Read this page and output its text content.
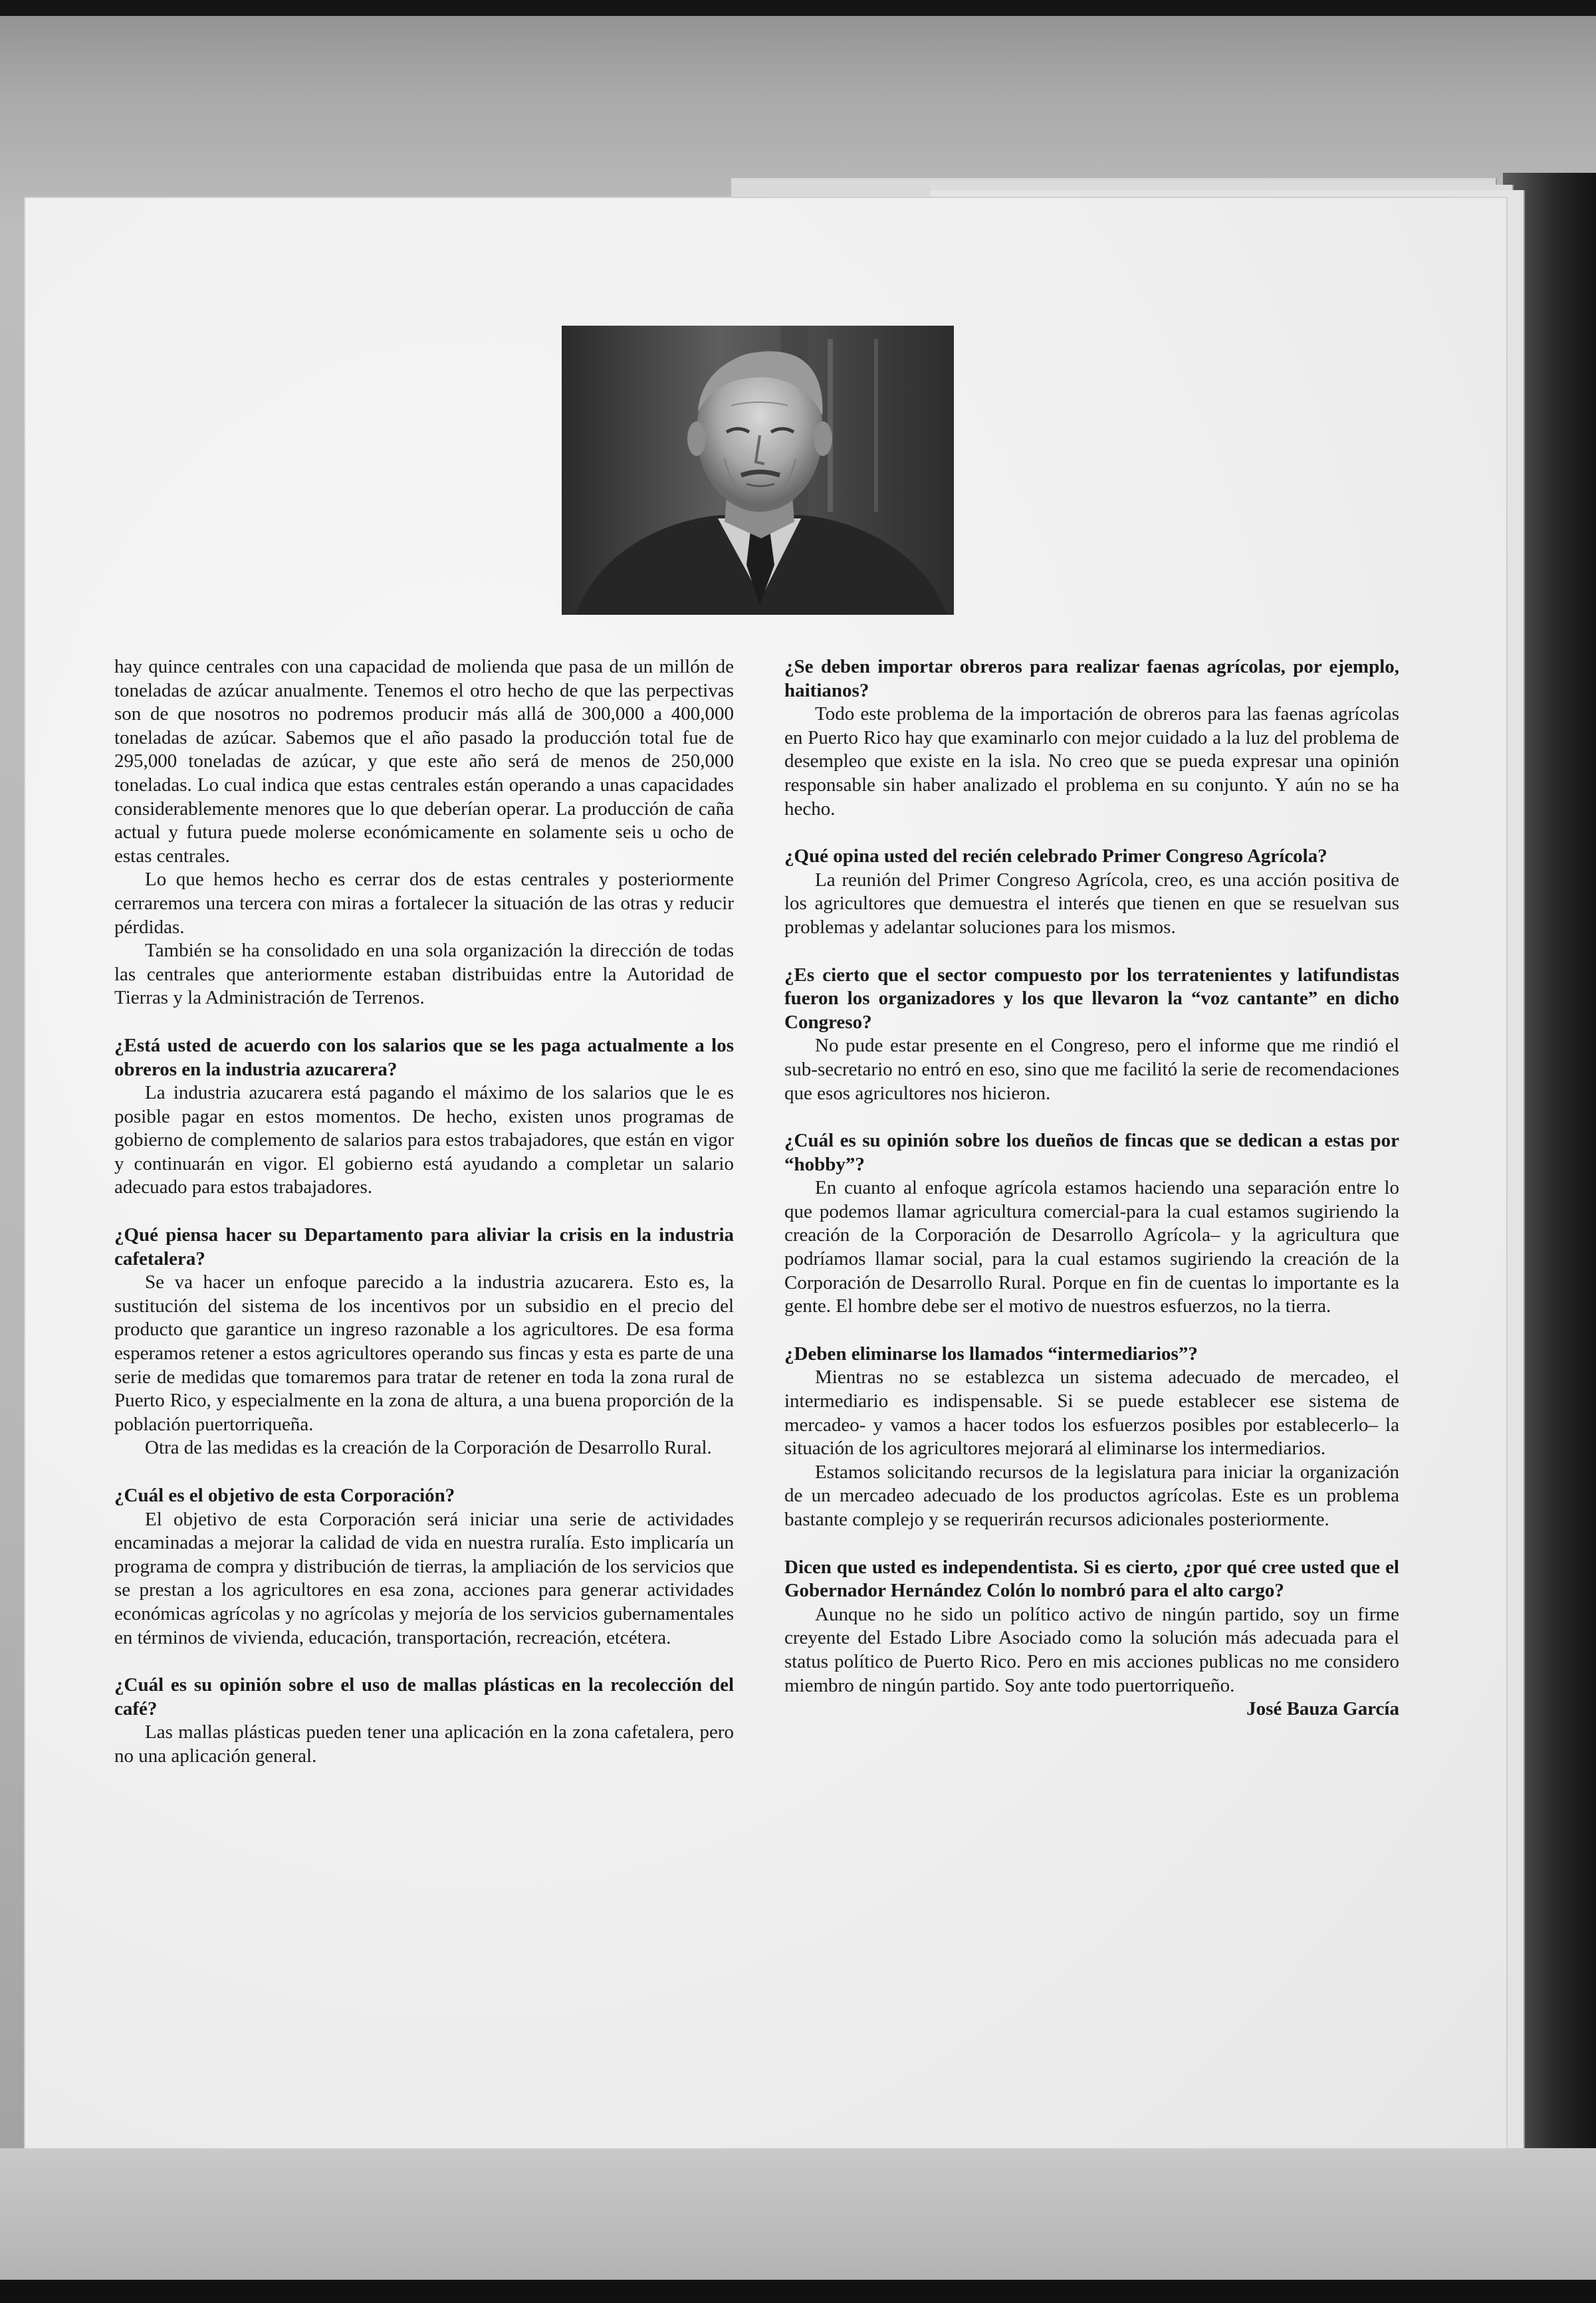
hay quince centrales con una capacidad de molienda que pasa de un millón de toneladas de azúcar anualmente. Tenemos el otro hecho de que las perpectivas son de que nosotros no podremos producir más allá de 300,000 a 400,000 toneladas de azúcar. Sabemos que el año pasado la producción total fue de 295,000 toneladas de azúcar, y que este año será de menos de 250,000 toneladas. Lo cual indica que estas centrales están operando a unas capacidades considerablemente menores que lo que deberían operar. La producción de caña actual y futura puede molerse económicamente en solamente seis u ocho de estas centrales.

Lo que hemos hecho es cerrar dos de estas centrales y posteriormente cerraremos una tercera con miras a fortalecer la situación de las otras y reducir pérdidas.

También se ha consolidado en una sola organización la dirección de todas las centrales que anteriormente estaban distribuidas entre la Autoridad de Tierras y la Administración de Terrenos.

¿Está usted de acuerdo con los salarios que se les paga actualmente a los obreros en la industria azucarera?

La industria azucarera está pagando el máximo de los salarios que le es posible pagar en estos momentos. De hecho, existen unos programas de gobierno de complemento de salarios para estos trabajadores, que están en vigor y continuarán en vigor. El gobierno está ayudando a completar un salario adecuado para estos trabajadores.

¿Qué piensa hacer su Departamento para aliviar la crisis en la industria cafetalera?

Se va hacer un enfoque parecido a la industria azucarera. Esto es, la sustitución del sistema de los incentivos por un subsidio en el precio del producto que garantice un ingreso razonable a los agricultores. De esa forma esperamos retener a estos agricultores operando sus fincas y esta es parte de una serie de medidas que tomaremos para tratar de retener en toda la zona rural de Puerto Rico, y especialmente en la zona de altura, a una buena proporción de la población puertorriqueña.

Otra de las medidas es la creación de la Corporación de Desarrollo Rural.

¿Cuál es el objetivo de esta Corporación?

El objetivo de esta Corporación será iniciar una serie de actividades encaminadas a mejorar la calidad de vida en nuestra ruralía. Esto implicaría un programa de compra y distribución de tierras, la ampliación de los servicios que se prestan a los agricultores en esa zona, acciones para generar actividades económicas agrícolas y no agrícolas y mejoría de los servicios gubernamentales en términos de vivienda, educación, transportación, recreación, etcétera.

¿Cuál es su opinión sobre el uso de mallas plásticas en la recolección del café?

Las mallas plásticas pueden tener una aplicación en la zona cafetalera, pero no una aplicación general.

¿Se deben importar obreros para realizar faenas agrícolas, por ejemplo, haitianos?

Todo este problema de la importación de obreros para las faenas agrícolas en Puerto Rico hay que examinarlo con mejor cuidado a la luz del problema de desempleo que existe en la isla. No creo que se pueda expresar una opinión responsable sin haber analizado el problema en su conjunto. Y aún no se ha hecho.

¿Qué opina usted del recién celebrado Primer Congreso Agrícola?

La reunión del Primer Congreso Agrícola, creo, es una acción positiva de los agricultores que demuestra el interés que tienen en que se resuelvan sus problemas y adelantar soluciones para los mismos.

¿Es cierto que el sector compuesto por los terratenientes y latifundistas fueron los organizadores y los que llevaron la “voz cantante” en dicho Congreso?

No pude estar presente en el Congreso, pero el informe que me rindió el sub-secretario no entró en eso, sino que me facilitó la serie de recomendaciones que esos agricultores nos hicieron.

¿Cuál es su opinión sobre los dueños de fincas que se dedican a estas por “hobby”?

En cuanto al enfoque agrícola estamos haciendo una separación entre lo que podemos llamar agricultura comercial-para la cual estamos sugiriendo la creación de la Corporación de Desarrollo Agrícola– y la agricultura que podríamos llamar social, para la cual estamos sugiriendo la creación de la Corporación de Desarrollo Rural. Porque en fin de cuentas lo importante es la gente. El hombre debe ser el motivo de nuestros esfuerzos, no la tierra.

¿Deben eliminarse los llamados “intermediarios”?

Mientras no se establezca un sistema adecuado de mercadeo, el intermediario es indispensable. Si se puede establecer ese sistema de mercadeo- y vamos a hacer todos los esfuerzos posibles por establecerlo– la situación de los agricultores mejorará al eliminarse los intermediarios.

Estamos solicitando recursos de la legislatura para iniciar la organización de un mercadeo adecuado de los productos agrícolas. Este es un problema bastante complejo y se requerirán recursos adicionales posteriormente.

Dicen que usted es independentista. Si es cierto, ¿por qué cree usted que el Gobernador Hernández Colón lo nombró para el alto cargo?

Aunque no he sido un político activo de ningún partido, soy un firme creyente del Estado Libre Asociado como la solución más adecuada para el status político de Puerto Rico. Pero en mis acciones publicas no me considero miembro de ningún partido. Soy ante todo puertorriqueño.

José Bauza García
